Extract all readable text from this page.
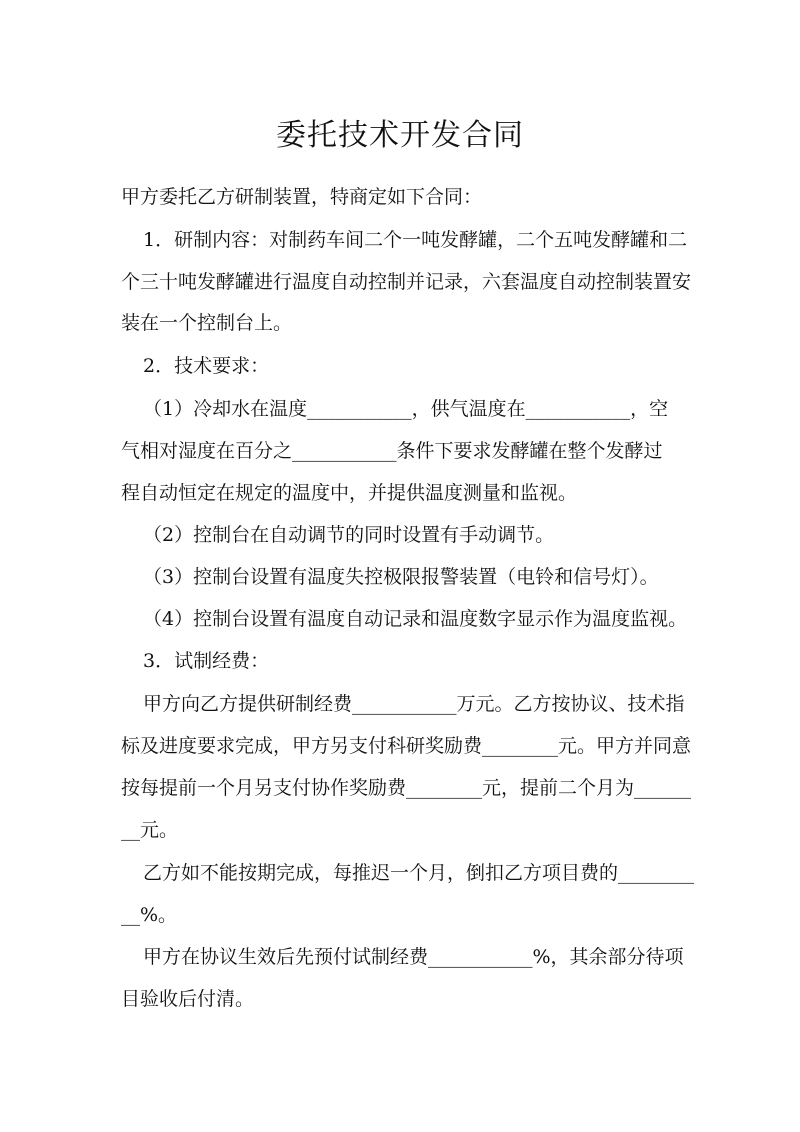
委托技术开发合同
甲方委托乙方研制装置，特商定如下合同：
1．研制内容：对制药车间二个一吨发酵罐，二个五吨发酵罐和二
个三十吨发酵罐进行温度自动控制并记录，六套温度自动控制装置安
装在一个控制台上。
2．技术要求：
（1）冷却水在温度___________，供气温度在___________，空
气相对湿度在百分之___________条件下要求发酵罐在整个发酵过
程自动恒定在规定的温度中，并提供温度测量和监视。
（2）控制台在自动调节的同时设置有手动调节。
（3）控制台设置有温度失控极限报警装置（电铃和信号灯）。
（4）控制台设置有温度自动记录和温度数字显示作为温度监视。
3．试制经费：
甲方向乙方提供研制经费___________万元。乙方按协议、技术指
标及进度要求完成，甲方另支付科研奖励费________元。甲方并同意
按每提前一个月另支付协作奖励费________元，提前二个月为______
__元。
乙方如不能按期完成，每推迟一个月，倒扣乙方项目费的________
__%。
甲方在协议生效后先预付试制经费___________%，其余部分待项
目验收后付清。
